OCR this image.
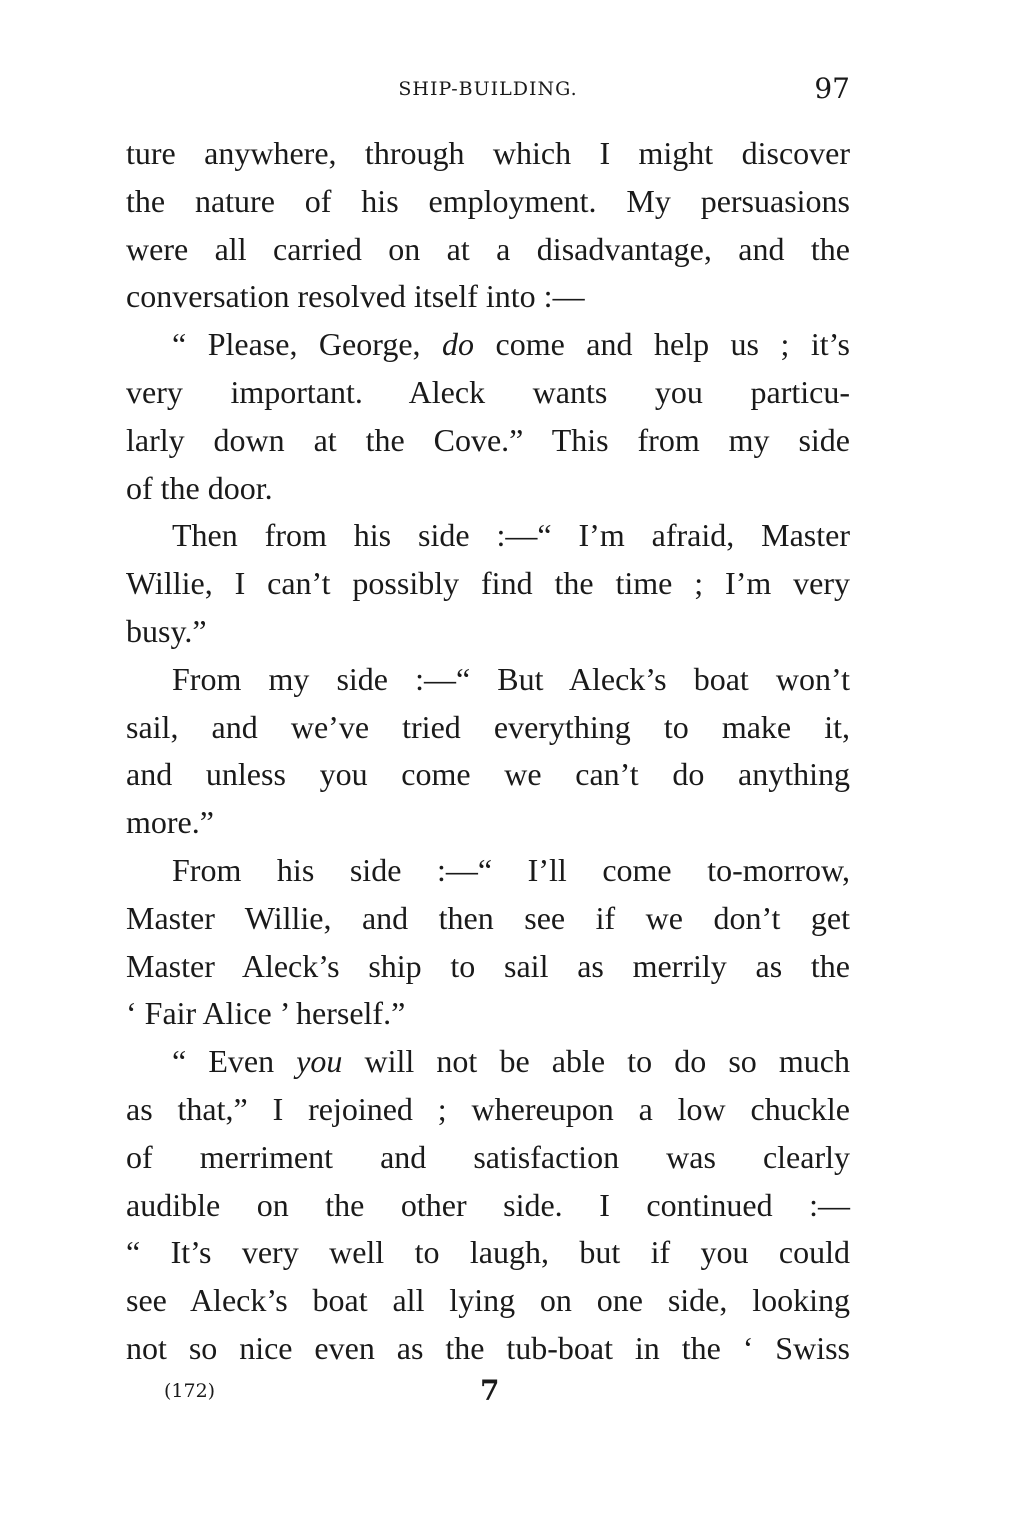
SHIP-BUILDING.	97

ture anywhere, through which I might discover
the nature of his employment. My persuasions
were all carried on at a disadvantage, and the
conversation resolved itself into :—

“ Please, George, do come and help us ; it’s
very important. Aleck wants you particu-
larly down at the Cove.” This from my side
of the door.

Then from his side :—“ I’m afraid, Master
Willie, I can’t possibly find the time ; I’m very
busy.”

From my side :—“ But Aleck’s boat won’t
sail, and we’ve tried everything to make it,
and unless you come we can’t do anything
more.”

From his side :—“ I’ll come to-morrow,
Master Willie, and then see if we don’t get
Master Aleck’s ship to sail as merrily as the
‘ Fair Alice ’ herself.”

“ Even you will not be able to do so much
as that,” I rejoined ; whereupon a low chuckle
of merriment and satisfaction was clearly
audible on the other side. I continued :—
“ It’s very well to laugh, but if you could
see Aleck’s boat all lying on one side, looking
not so nice even as the tub-boat in the ‘ Swiss

(172)	7
